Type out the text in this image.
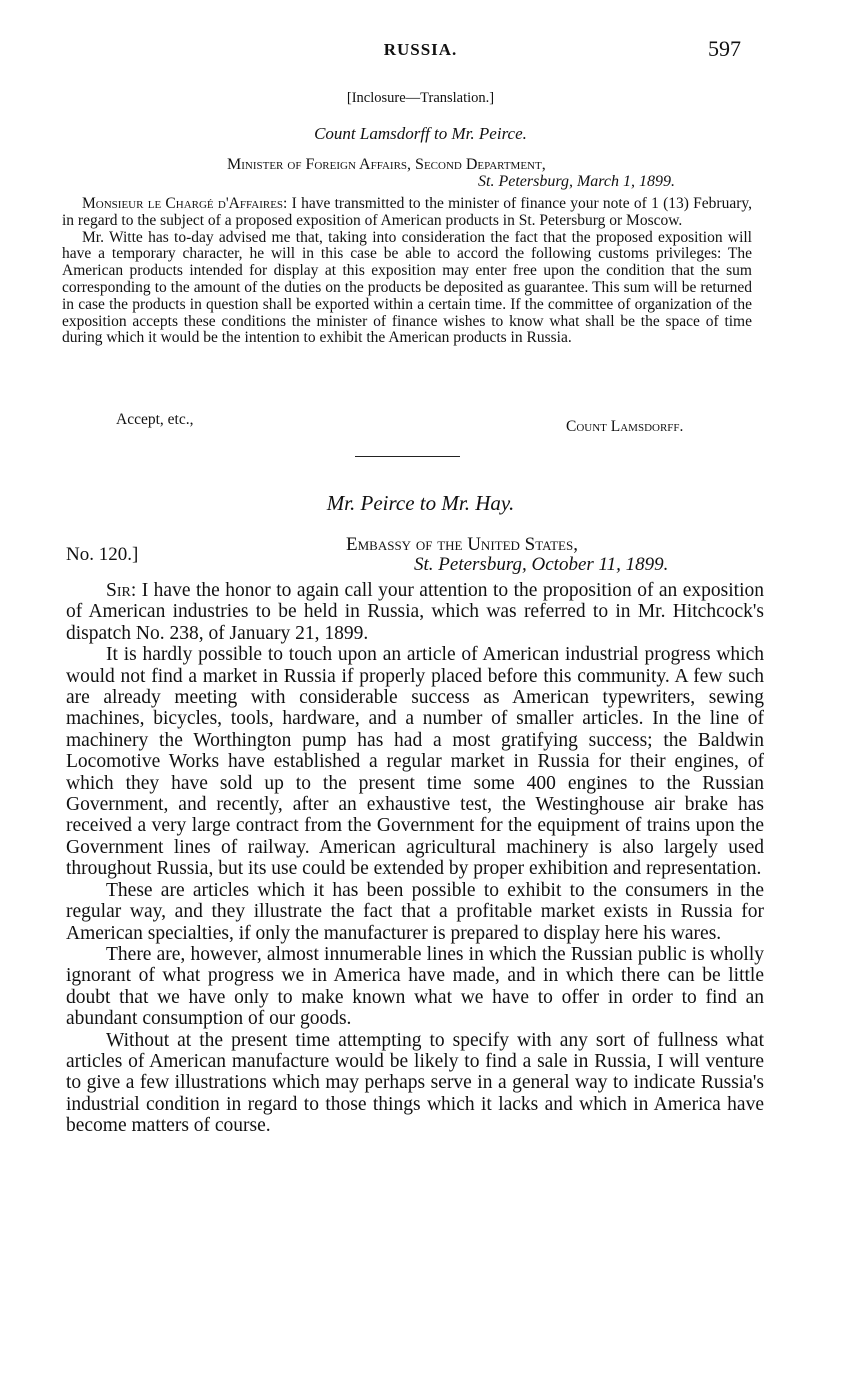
RUSSIA.	597
[Inclosure—Translation.]
Count Lamsdorff to Mr. Peirce.
Minister of Foreign Affairs, Second Department,
St. Petersburg, March 1, 1899.

Monsieur le Chargé d'Affaires: I have transmitted to the minister of finance your note of 1 (13) February, in regard to the subject of a proposed exposition of American products in St. Petersburg or Moscow.

Mr. Witte has to-day advised me that, taking into consideration the fact that the proposed exposition will have a temporary character, he will in this case be able to accord the following customs privileges: The American products intended for display at this exposition may enter free upon the condition that the sum corresponding to the amount of the duties on the products be deposited as guarantee. This sum will be returned in case the products in question shall be exported within a certain time. If the committee of organization of the exposition accepts these conditions the minister of finance wishes to know what shall be the space of time during which it would be the intention to exhibit the American products in Russia.

Accept, etc.,	Count Lamsdorff.
Mr. Peirce to Mr. Hay.
No. 120.]	Embassy of the United States,
St. Petersburg, October 11, 1899.

Sir: I have the honor to again call your attention to the proposition of an exposition of American industries to be held in Russia, which was referred to in Mr. Hitchcock's dispatch No. 238, of January 21, 1899.

It is hardly possible to touch upon an article of American industrial progress which would not find a market in Russia if properly placed before this community. A few such are already meeting with considerable success as American typewriters, sewing machines, bicycles, tools, hardware, and a number of smaller articles. In the line of machinery the Worthington pump has had a most gratifying success; the Baldwin Locomotive Works have established a regular market in Russia for their engines, of which they have sold up to the present time some 400 engines to the Russian Government, and recently, after an exhaustive test, the Westinghouse air brake has received a very large contract from the Government for the equipment of trains upon the Government lines of railway. American agricultural machinery is also largely used throughout Russia, but its use could be extended by proper exhibition and representation.

These are articles which it has been possible to exhibit to the consumers in the regular way, and they illustrate the fact that a profitable market exists in Russia for American specialties, if only the manufacturer is prepared to display here his wares.

There are, however, almost innumerable lines in which the Russian public is wholly ignorant of what progress we in America have made, and in which there can be little doubt that we have only to make known what we have to offer in order to find an abundant consumption of our goods.

Without at the present time attempting to specify with any sort of fullness what articles of American manufacture would be likely to find a sale in Russia, I will venture to give a few illustrations which may perhaps serve in a general way to indicate Russia's industrial condition in regard to those things which it lacks and which in America have become matters of course.
